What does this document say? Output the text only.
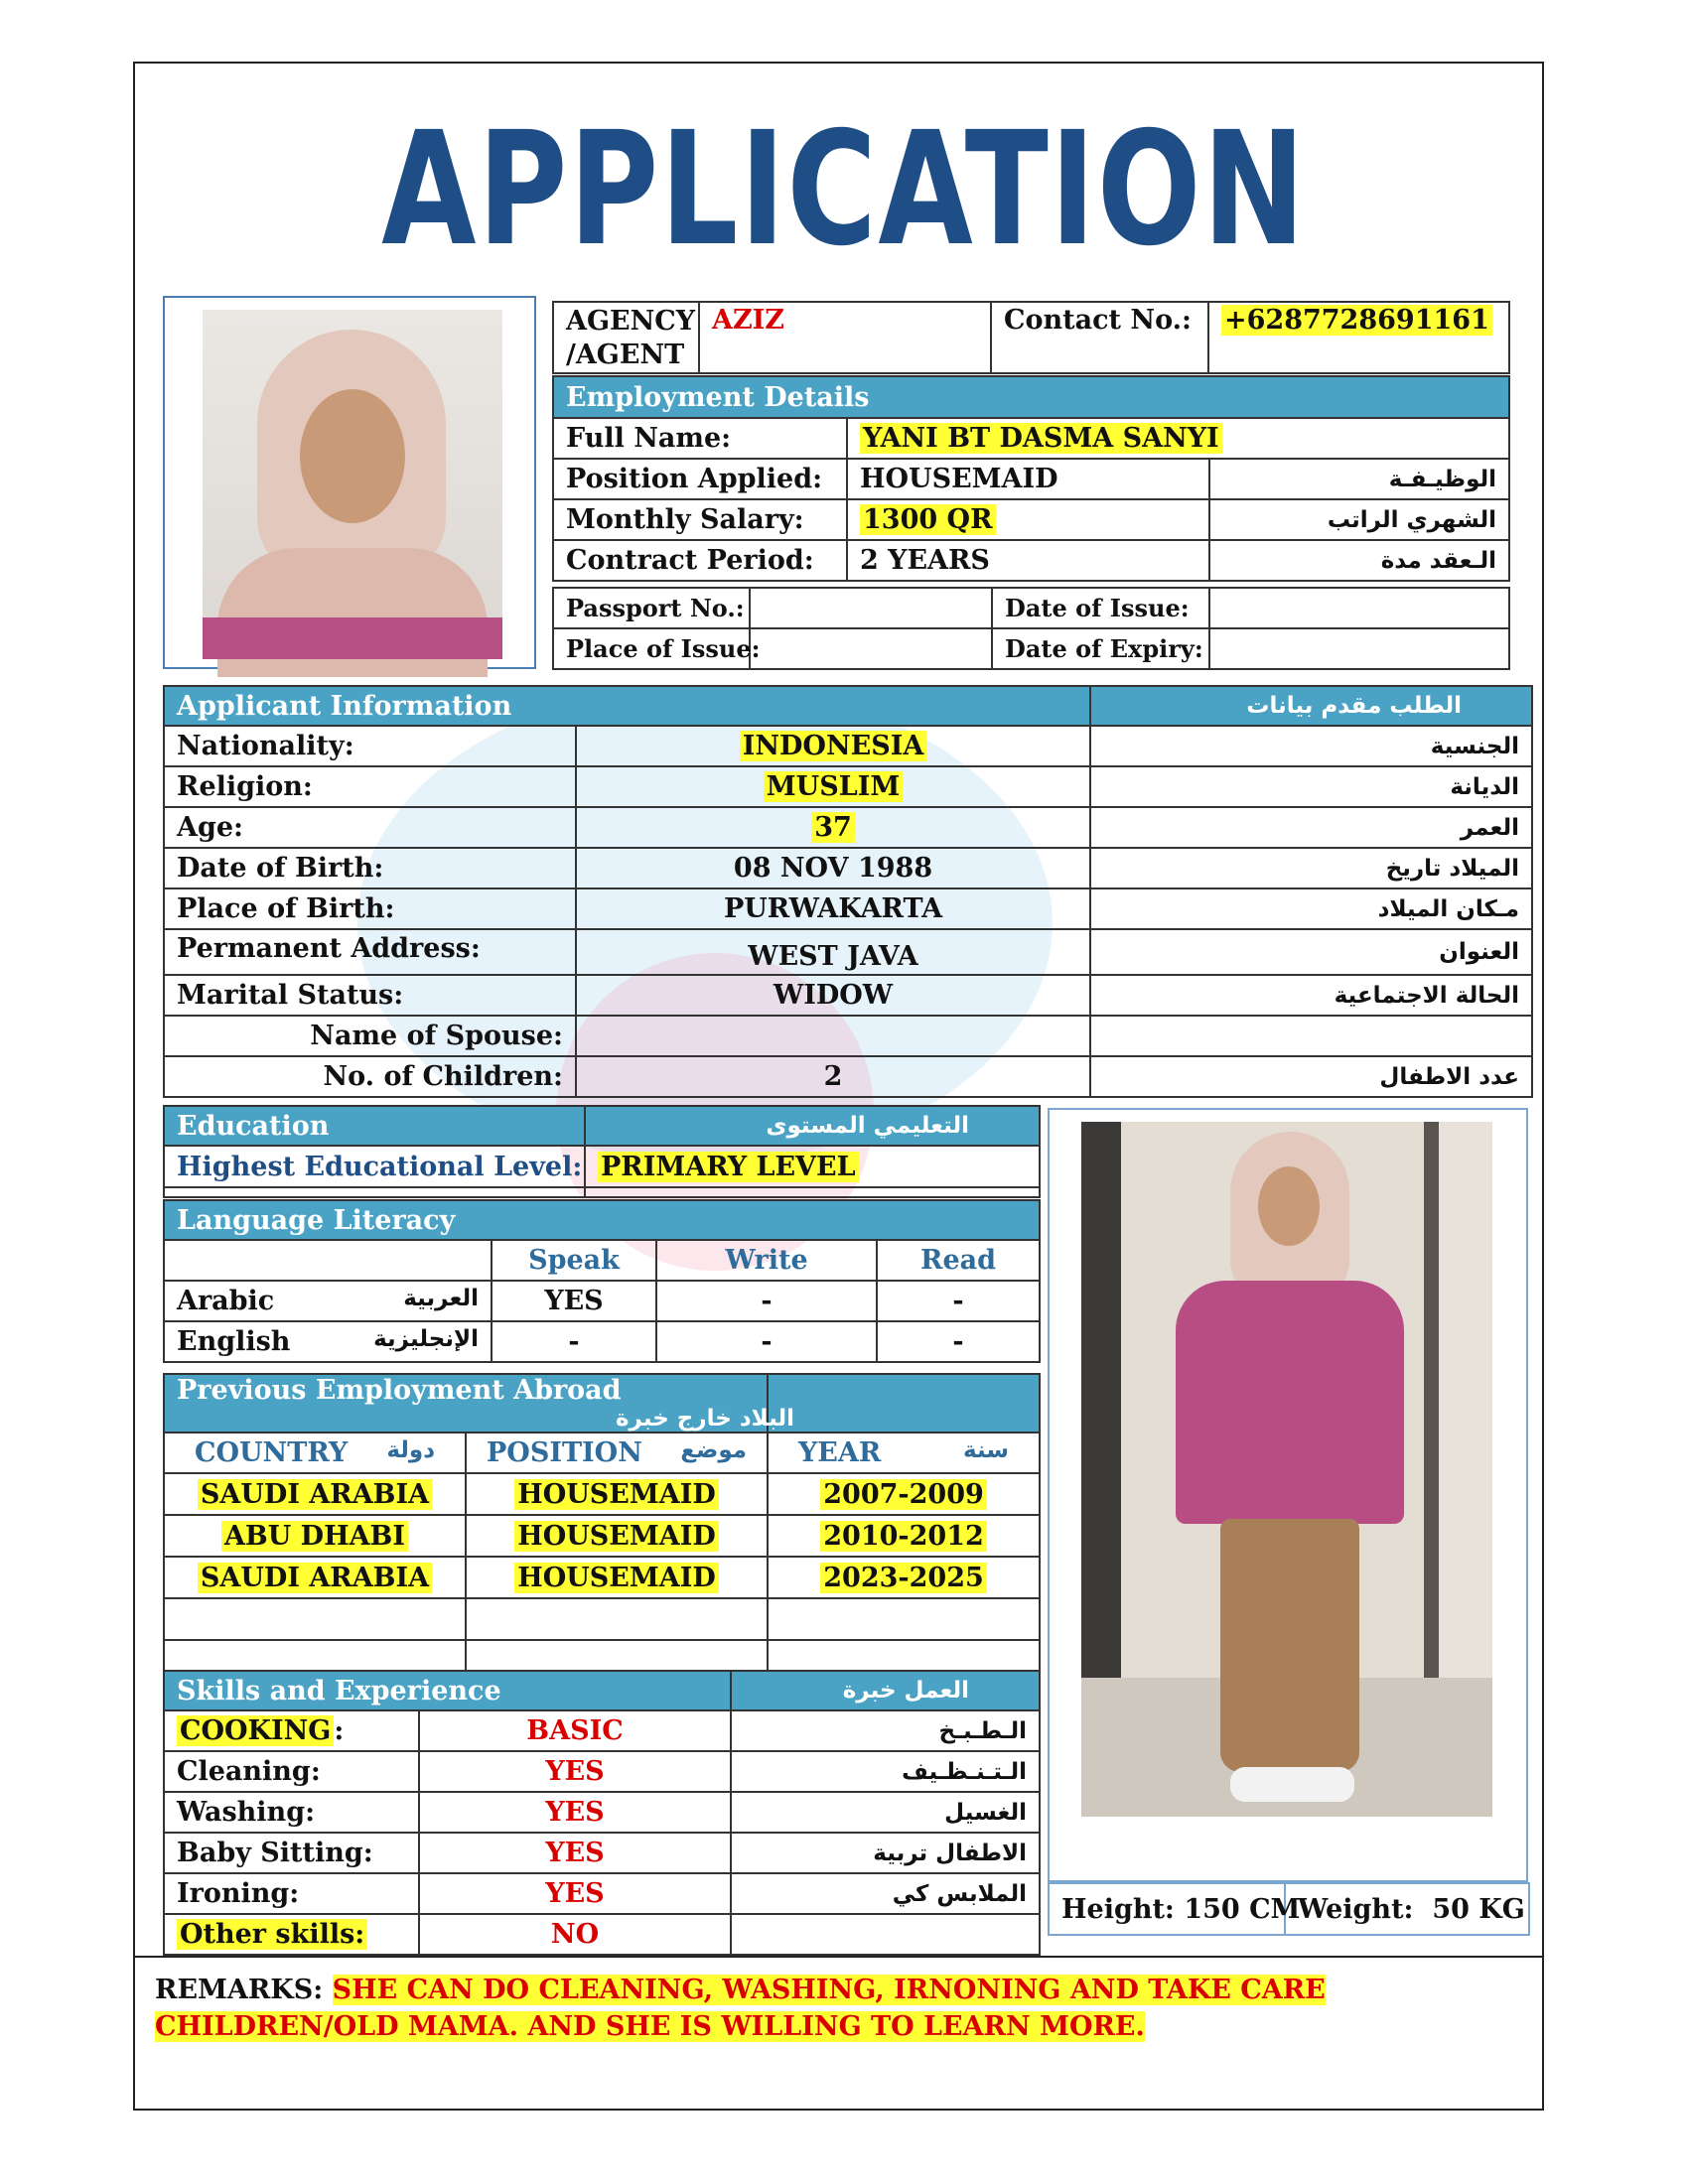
APPLICATION
AGENCY
/AGENT	AZIZ	Contact No.:	+6287728691161
Employment Details		
Full Name:	YANI BT DASMA SANYI	
Position Applied:	HOUSEMAID	الوظيـفـة
Monthly Salary:	1300 QR	الشهري الراتب
Contract Period:	2 YEARS	الـعقد مدة
Passport No.:		Date of Issue:	
Place of Issue:		Date of Expiry:	
Applicant Information		الطلب مقدم بيانات
Nationality:	INDONESIA	الجنسية
Religion:	MUSLIM	الديانة
Age:	37	العمر
Date of Birth:	08 NOV 1988	الميلاد تاريخ
Place of Birth:	PURWAKARTA	مـكان الميلاد
Permanent Address:	WEST JAVA	العنوان
Marital Status:	WIDOW	الحالة الاجتماعية
Name of Spouse:		
No. of Children:	2	عدد الاطفال
Education	التعليمي المستوى
Highest Educational Level:	PRIMARY LEVEL

Language Literacy			
	Speak	Write	Read
Arabic العربية	YES	-	-
English الإنجليزية	-	-	-
Previous Employment Abroad
البلاد خارج خبرة		

COUNTRY دولة	POSITION موضع	YEAR سنة

SAUDI ARABIA	HOUSEMAID	2007-2009
ABU DHABI	HOUSEMAID	2010-2012
SAUDI ARABIA	HOUSEMAID	2023-2025

Skills and Experience		العمل خبرة
COOKING :	BASIC	الـطـبـخ
Cleaning:	YES	الـتـنـظـيف
Washing:	YES	الغسيل
Baby Sitting:	YES	الاطفال تربية
Ironing:	YES	الملابس كي
Other skills:	NO	
Height: 150 CM	Weight: 50 KG
REMARKS: SHE CAN DO CLEANING, WASHING, IRNONING AND TAKE CARE CHILDREN/OLD MAMA. AND SHE IS WILLING TO LEARN MORE.
